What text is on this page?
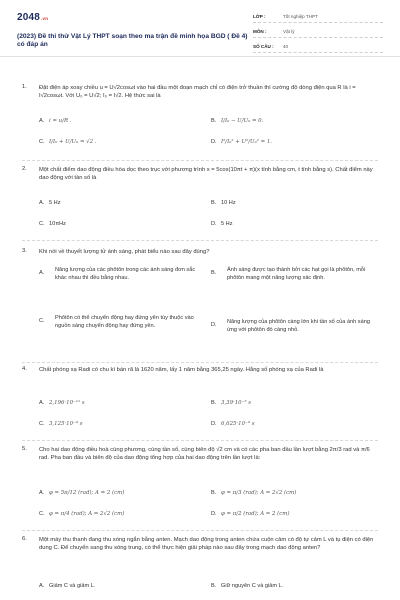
2048.vn
(2023) Đề thi thử Vật Lý THPT soạn theo ma trận đề minh họa BGD ( Đề 4) có đáp án
LỚP :	Tốt nghiệp THPT
MÔN :	Vật lý
SỐ CÂU : 40
1. Đặt điện áp xoay chiều u = U√2cosωt vào hai đầu một đoạn mạch chỉ có điện trở thuần thì cường độ dòng điện qua R là i = I√2cosωt. Với U₀ = U√2; I₀ = I√2. Hệ thức sai là
A. i = u/R .	B. I/I₀ − U/U₀ = 0.
C. I/I₀ + U/U₀ = √2 .	D. I²/I₀² + U²/U₀² = 1.
2. Một chất điểm dao động điều hòa dọc theo trục với phương trình x = 5cos(10πt + π)(x tính bằng cm, t tính bằng s). Chất điểm này dao động với tần số là
A. 5 Hz	B. 10 Hz
C. 10πHz	D. 5 Hz
3. Khi nói về thuyết lượng tử ánh sáng, phát biểu nào sau đây đúng?
A.
Năng lượng của các phôtôn trong các ánh sáng đơn sắc khác nhau thì đều bằng nhau.
B.
Ánh sáng được tạo thành bởi các hạt gọi là phôtôn, mỗi phôtôn mang một năng lượng xác định.
C.
Phôtôn có thể chuyển động hay đứng yên tùy thuộc vào nguồn sáng chuyển động hay đứng yên.	D.
Năng lượng của phôtôn càng lớn khi tần số của ánh sáng ứng với phôtôn đó càng nhỏ.
4. Chất phóng xạ Radi có chu kì bán rã là 1620 năm, lấy 1 năm bằng 365,25 ngày. Hằng số phóng xạ của Radi là
A. 2,196·10⁻¹¹ s	B. 3,39·10⁻⁵ s
C. 3,125·10⁻⁹ s	D. 6,625·10⁻⁹ s
5. Cho hai dao động điều hoà cùng phương, cùng tần số, cùng biên độ √2 cm và có các pha ban đầu lần lượt bằng 2π/3 rad và π/6 rad. Pha ban đầu và biên độ của dao động tổng hợp của hai dao động trên lần lượt là:
A. φ = 5π/12 (rad); A = 2 (cm)	B. φ = π/3 (rad); A = 2√2 (cm)
C. φ = π/4 (rad); A = 2√2 (cm)	D. φ = π/2 (rad); A = 2 (cm)
6. Một máy thu thanh đang thu sóng ngắn bằng anten. Mạch dao động trong anten chứa cuộn cảm có độ tự cảm L và tụ điện có điện dung C. Để chuyển sang thu sóng trung, có thể thực hiện giải pháp nào sau đây trong mạch dao động anten?
A. Giảm C và giảm L.	B. Giữ nguyên C và giảm L.
